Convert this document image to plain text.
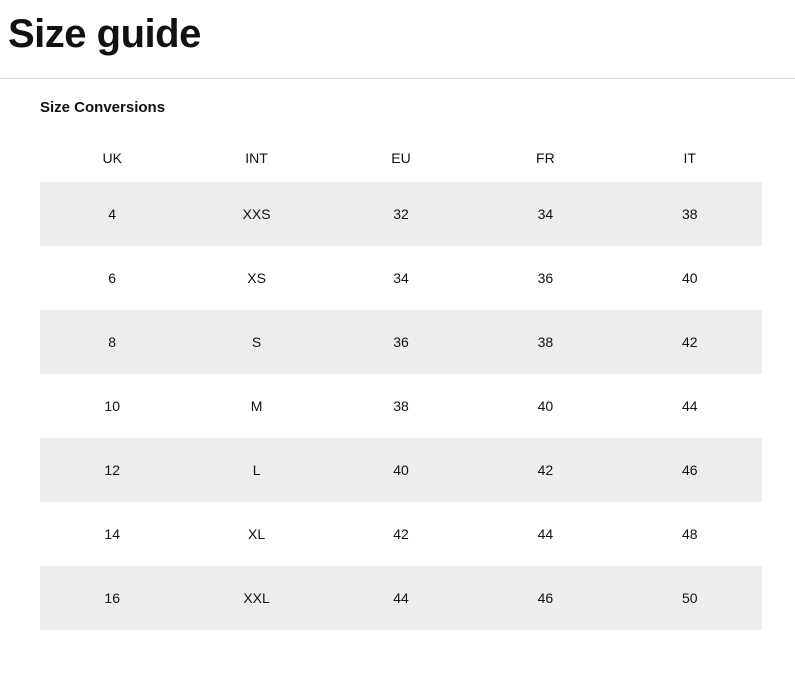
Size guide
Size Conversions
UK	INT	EU	FR	IT
4	XXS	32	34	38
6	XS	34	36	40
8	S	36	38	42
10	M	38	40	44
12	L	40	42	46
14	XL	42	44	48
16	XXL	44	46	50
